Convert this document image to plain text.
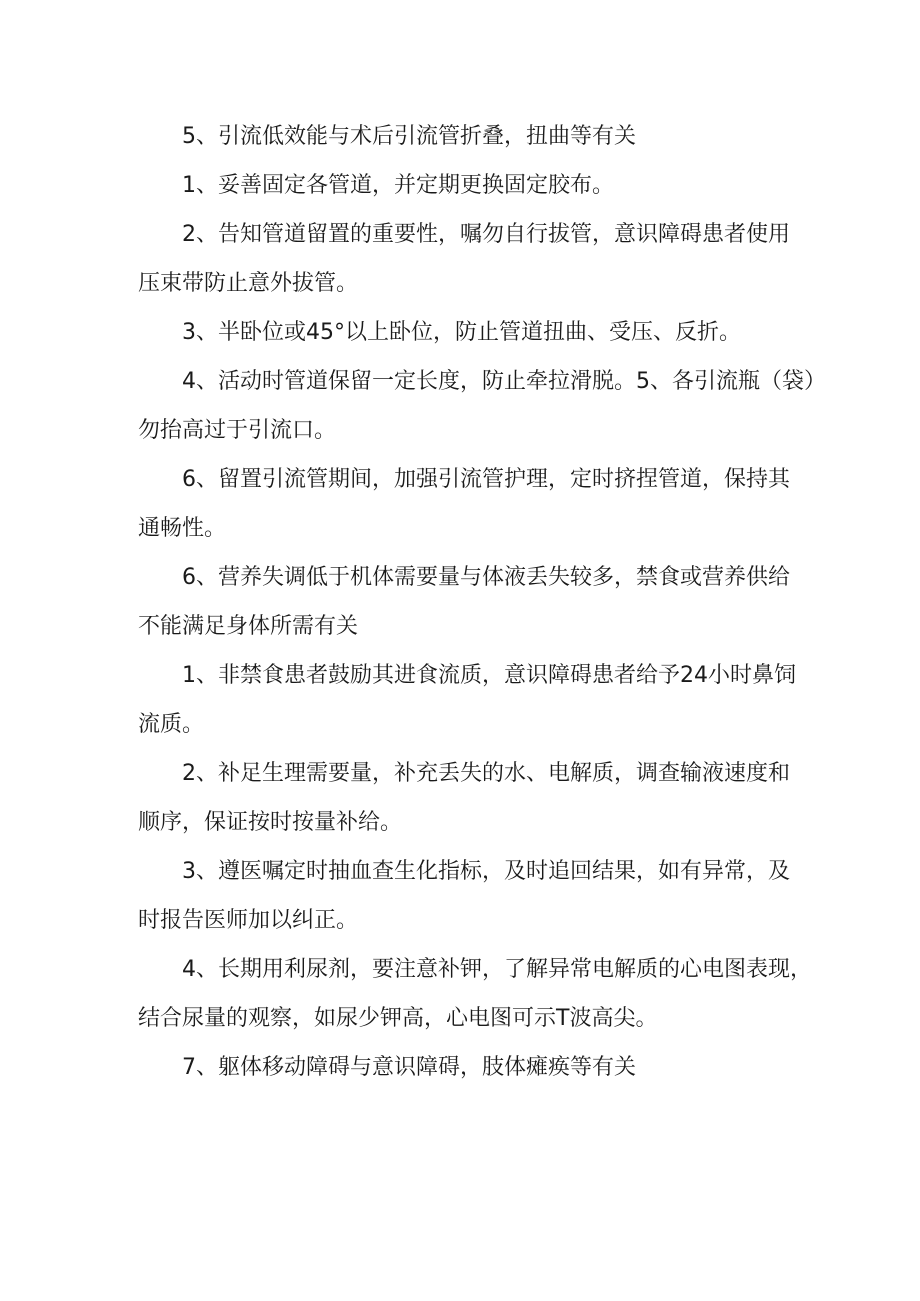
5、引流低效能与术后引流管折叠，扭曲等有关

1、妥善固定各管道，并定期更换固定胶布。

2、告知管道留置的重要性，嘱勿自行拔管，意识障碍患者使用
压束带防止意外拔管。

3、半卧位或45°以上卧位，防止管道扭曲、受压、反折。

4、活动时管道保留一定长度，防止牵拉滑脱。5、各引流瓶（袋）
勿抬高过于引流口。

6、留置引流管期间，加强引流管护理，定时挤捏管道，保持其
通畅性。

6、营养失调低于机体需要量与体液丢失较多，禁食或营养供给
不能满足身体所需有关

1、非禁食患者鼓励其进食流质，意识障碍患者给予24小时鼻饲
流质。

2、补足生理需要量，补充丢失的水、电解质，调查输液速度和
顺序，保证按时按量补给。

3、遵医嘱定时抽血查生化指标，及时追回结果，如有异常，及
时报告医师加以纠正。

4、长期用利尿剂，要注意补钾，了解异常电解质的心电图表现，
结合尿量的观察，如尿少钾高，心电图可示T波高尖。

7、躯体移动障碍与意识障碍，肢体瘫痪等有关
